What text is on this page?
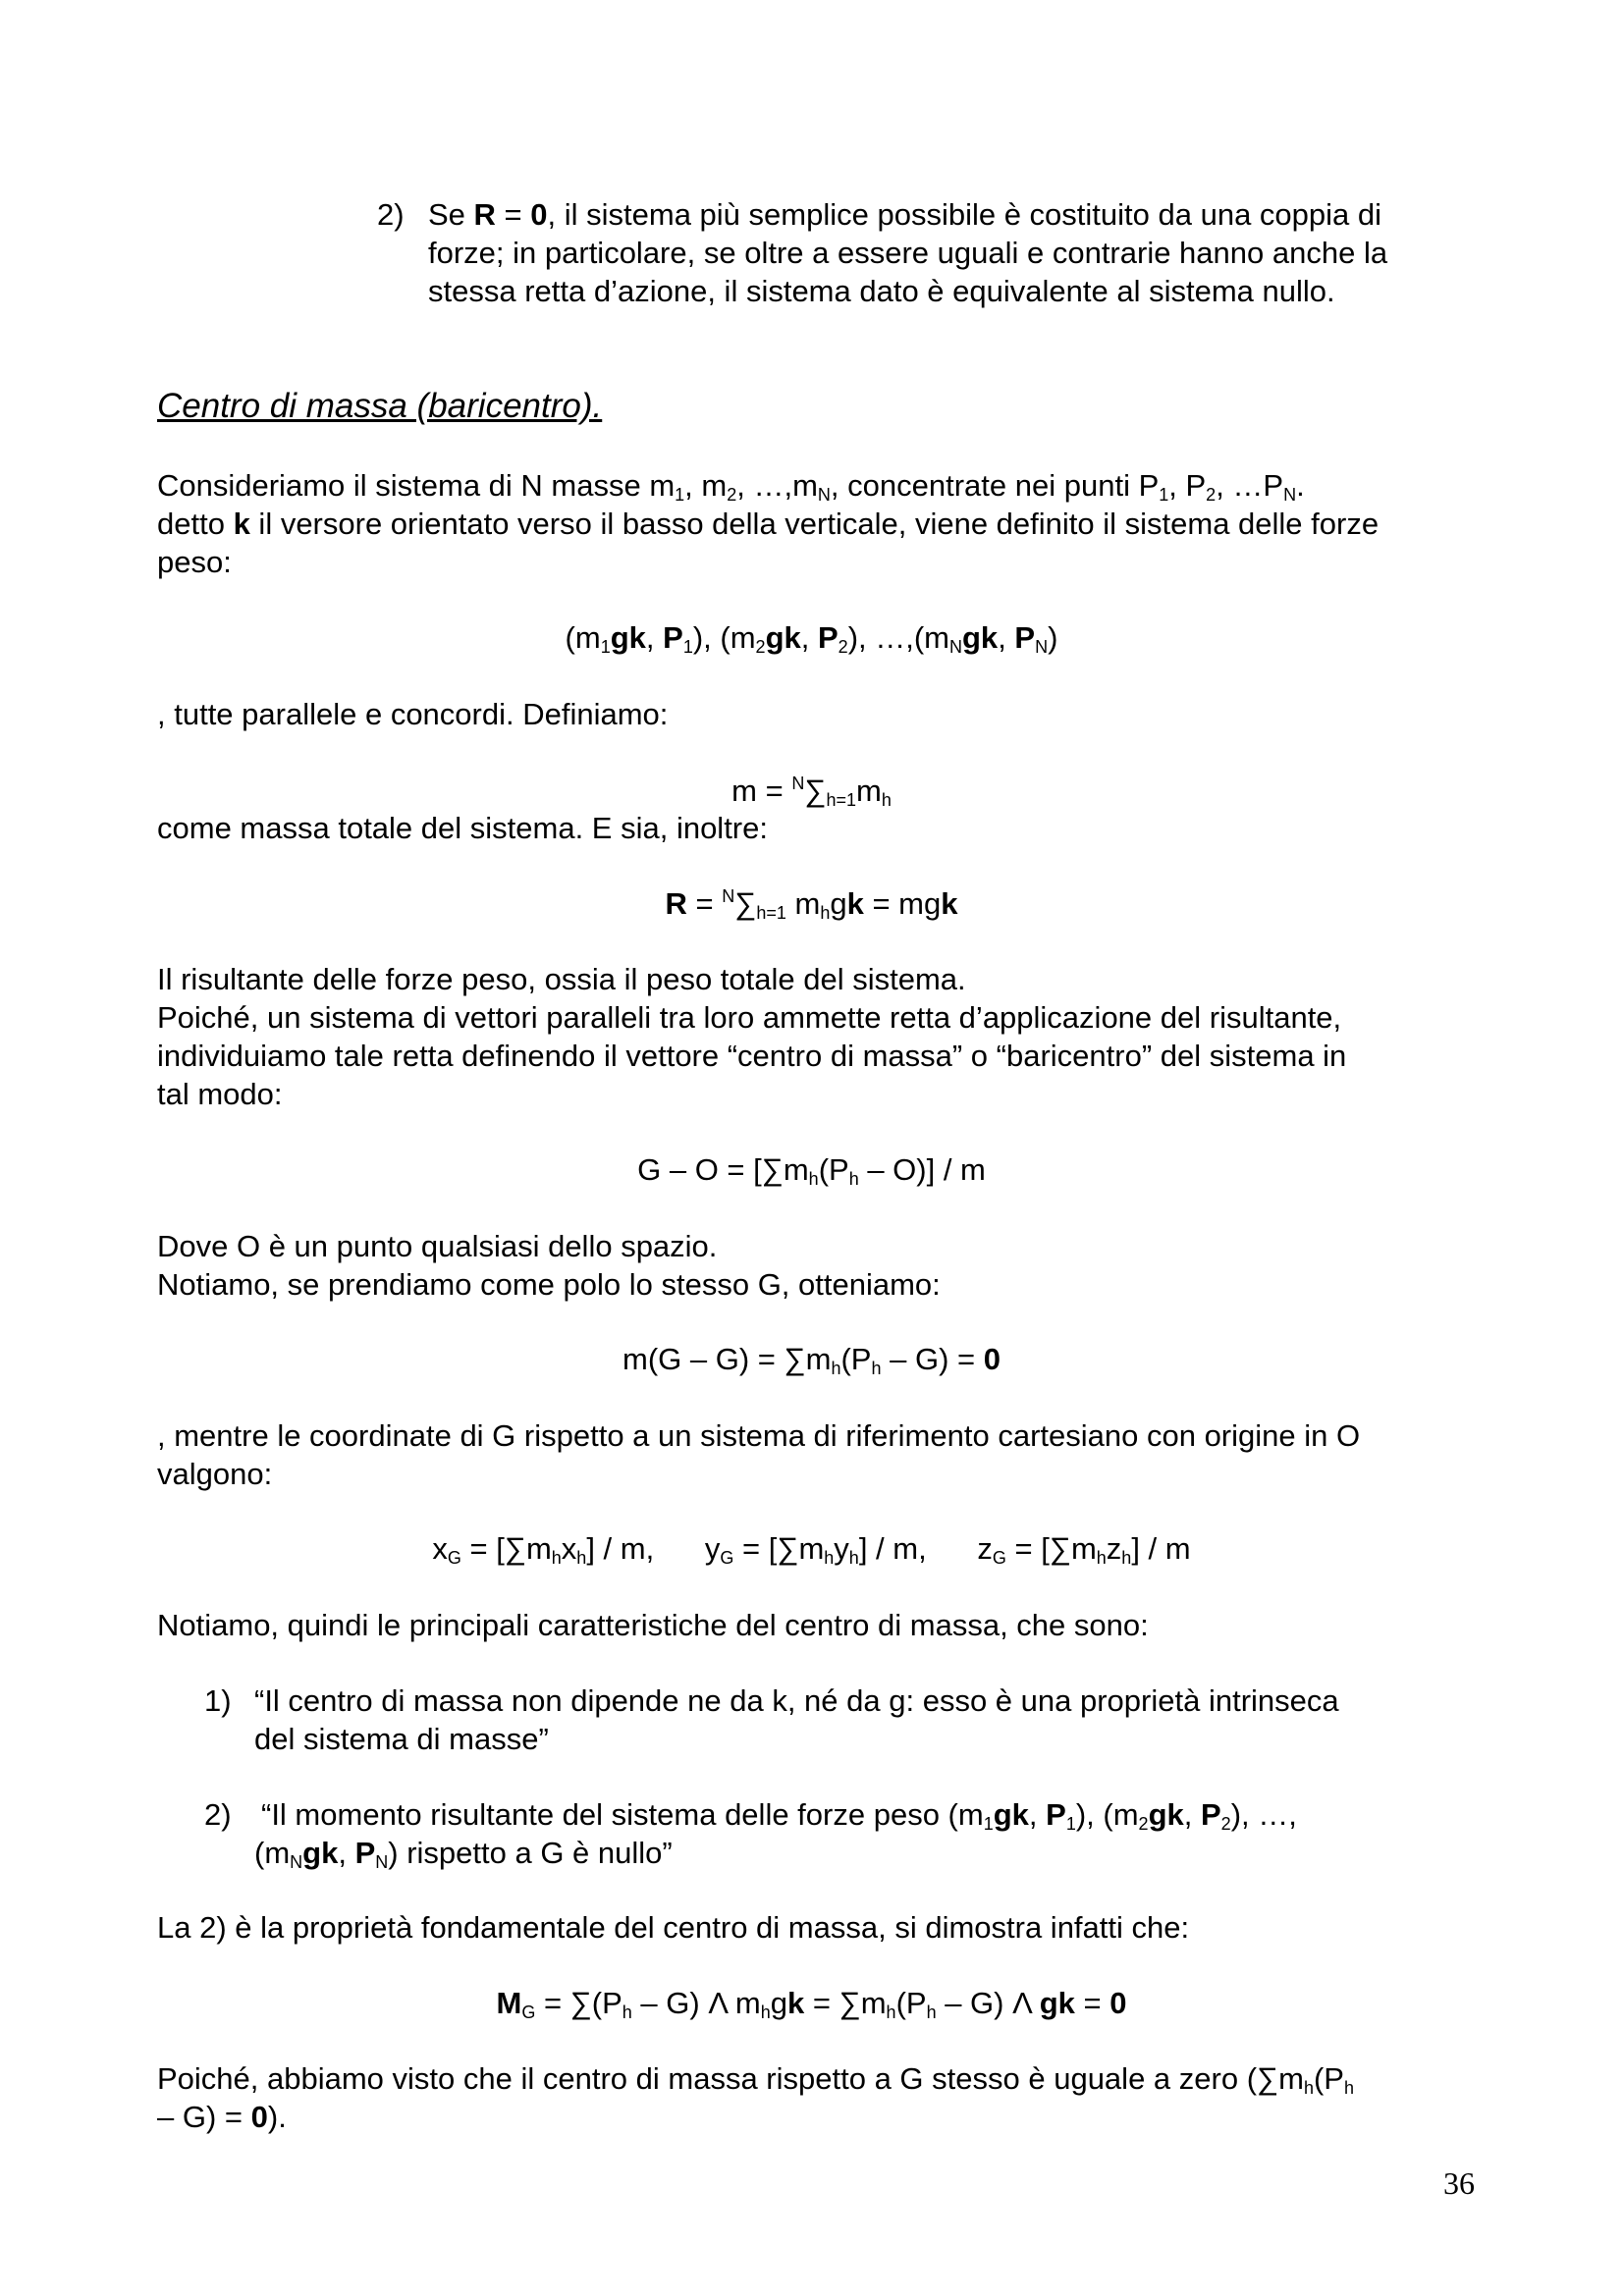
2) Se R = 0, il sistema più semplice possibile è costituito da una coppia di
forze; in particolare, se oltre a essere uguali e contrarie hanno anche la
stessa retta d’azione, il sistema dato è equivalente al sistema nullo.
Centro di massa (baricentro).
Consideriamo il sistema di N masse $m_1$, $m_2$, $\dots,m_N$, concentrate nei punti $P_1$, $P_2$, $\dots P_N$.
detto k il versore orientato verso il basso della verticale, viene definito il sistema delle forze
peso:
($m_1gk$, $P_1$), ($m_2gk$, $P_2$), $\dots,(m_Ngk$, $P_N$)
, tutte parallele e concordi. Definiamo:
$m = ^N\sum_{h=1}m_h$
come massa totale del sistema. E sia, inoltre:
$R = ^N\sum_{h=1}$ $m_hgk$ = mgk
Il risultante delle forze peso, ossia il peso totale del sistema.
Poiché, un sistema di vettori paralleli tra loro ammette retta d’applicazione del risultante,
individuiamo tale retta definendo il vettore “centro di massa” o “baricentro” del sistema in
tal modo:
$G - O = [\sum m_h(P_h - O)] / m$
Dove O è un punto qualsiasi dello spazio.
Notiamo, se prendiamo come polo lo stesso G, otteniamo:
$m(G - G) = \sum m_h(P_h - G) = 0$
, mentre le coordinate di G rispetto a un sistema di riferimento cartesiano con origine in O
valgono:
$x_G = [\sum m_hx_h] / m$,      $y_G = [\sum m_hy_h] / m$,      $z_G = [\sum m_hz_h] / m$
Notiamo, quindi le principali caratteristiche del centro di massa, che sono:
1) “Il centro di massa non dipende ne da k, né da g: esso è una proprietà intrinseca
del sistema di masse”
2) “Il momento risultante del sistema delle forze peso ($m_1gk$, $P_1$), ($m_2gk$, $P_2$), …,
($m_Ngk$, $P_N$) rispetto a G è nullo”
La 2) è la proprietà fondamentale del centro di massa, si dimostra infatti che:
$M_G = \sum(P_h - G)$ Λ $m_hgk = \sum m_h(P_h - G)$ Λ gk = 0
Poiché, abbiamo visto che il centro di massa rispetto a G stesso è uguale a zero ($\sum m_h(P_h$
– G) = 0).
36
